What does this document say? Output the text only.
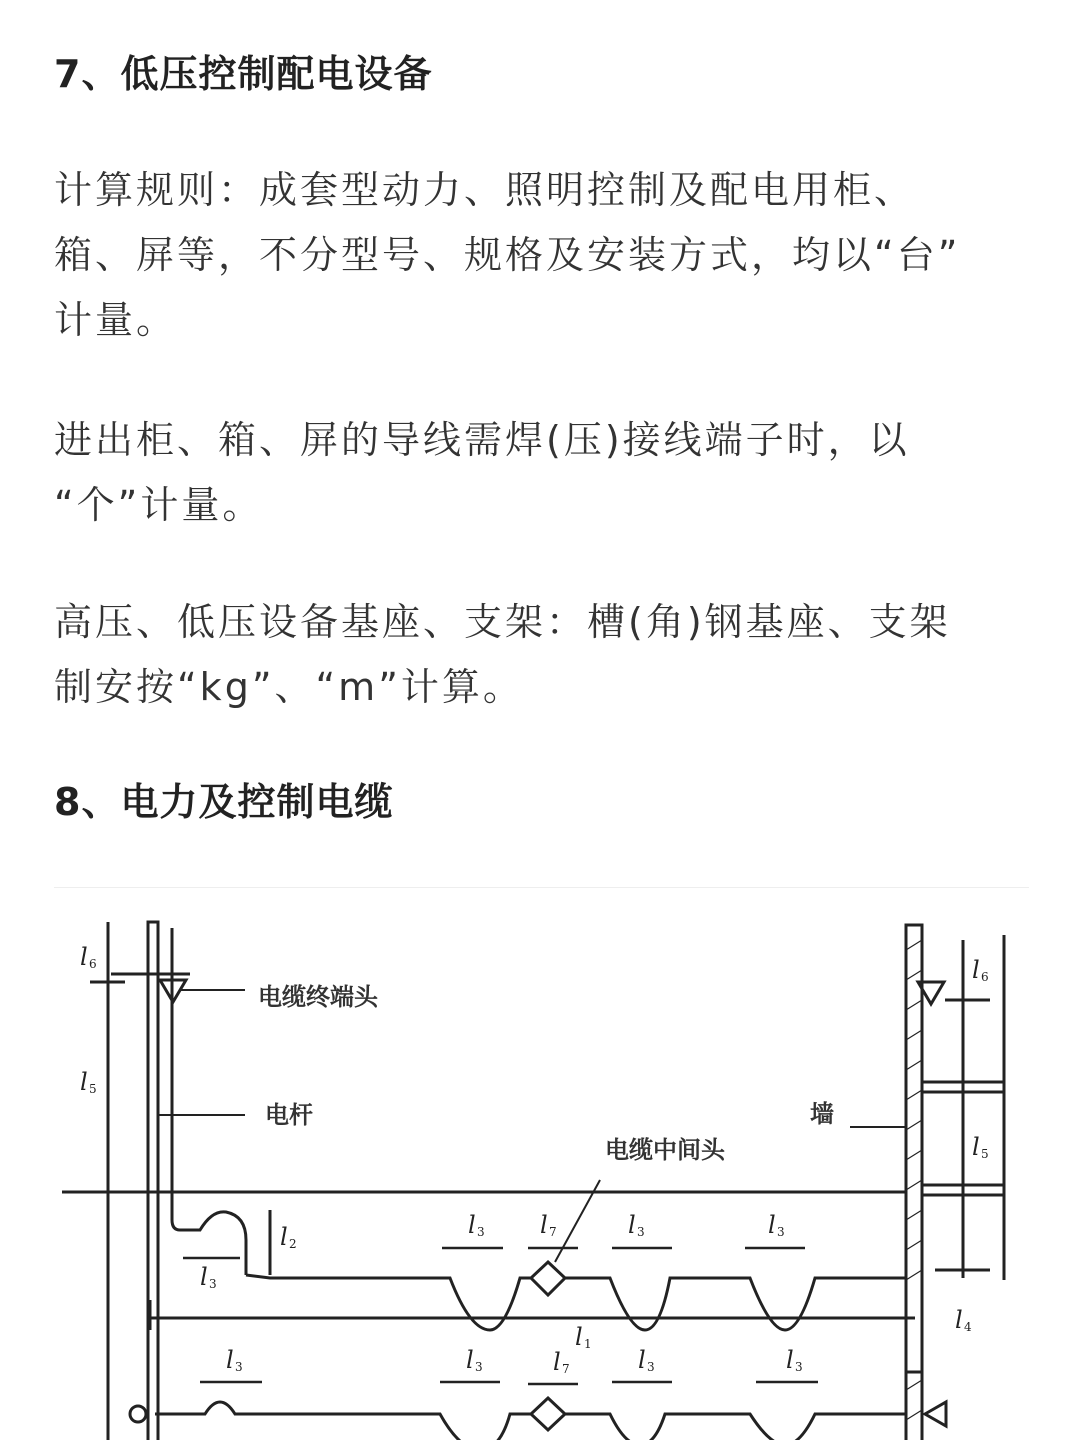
7、低压控制配电设备

计算规则：成套型动力、照明控制及配电用柜、
箱、屏等，不分型号、规格及安装方式，均以“台”
计量。

进出柜、箱、屏的导线需焊(压)接线端子时，以
“个”计量。

高压、低压设备基座、支架：槽(角)钢基座、支架
制安按“kg”、“m”计算。

8、电力及控制电缆
电缆终端头
电杆	墙
电缆中间头
l 6
l 5
l 2
l 3
l 3 l 7	l 3	l 3
l 1
l 4
l 6
l 5
l 3	l 3	l 7	l 3	l 3
